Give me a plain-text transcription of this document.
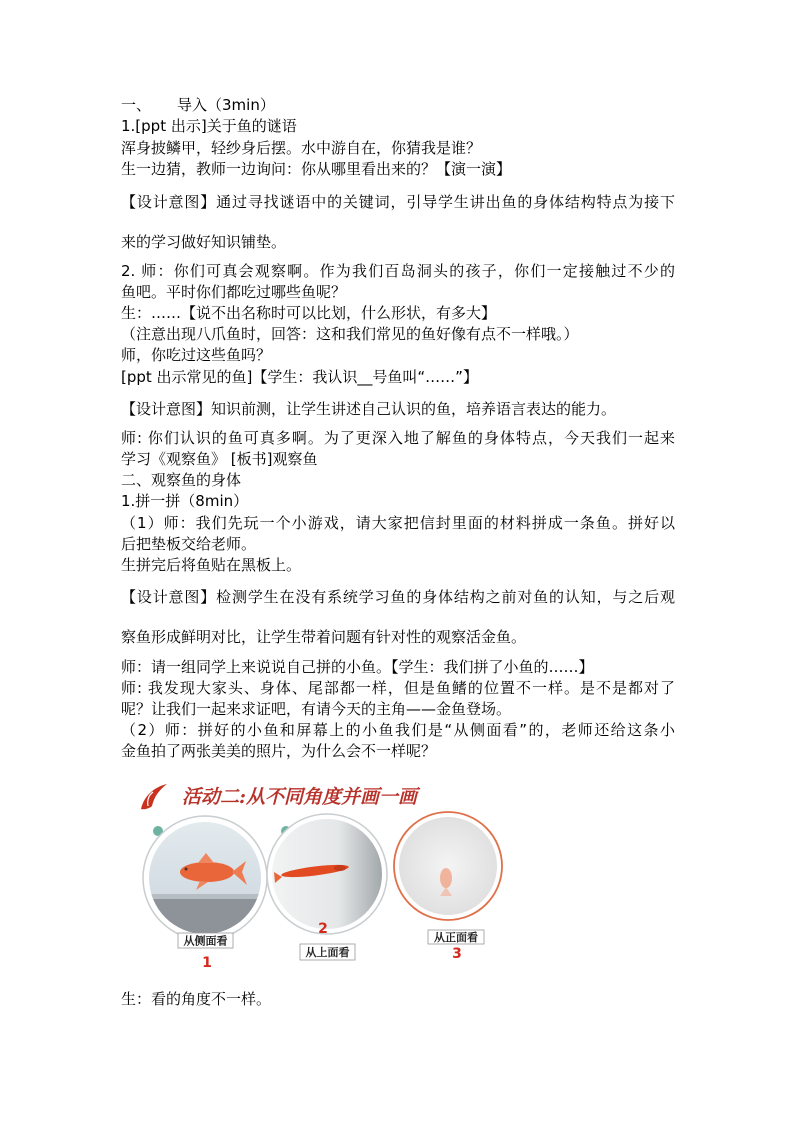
一、 导入（3min）
1.[ppt 出示]关于鱼的谜语
浑身披鳞甲，轻纱身后摆。水中游自在，你猜我是谁？
生一边猜，教师一边询问：你从哪里看出来的？【演一演】
【设计意图】通过寻找谜语中的关键词，引导学生讲出鱼的身体结构特点为接下
来的学习做好知识铺垫。
2. 师：你们可真会观察啊。作为我们百岛洞头的孩子，你们一定接触过不少的
鱼吧。平时你们都吃过哪些鱼呢？
生：……【说不出名称时可以比划，什么形状，有多大】
（注意出现八爪鱼时，回答：这和我们常见的鱼好像有点不一样哦。）
师，你吃过这些鱼吗？
[ppt 出示常见的鱼]【学生：我认识__号鱼叫“……”】
【设计意图】知识前测，让学生讲述自己认识的鱼，培养语言表达的能力。
师: 你们认识的鱼可真多啊。为了更深入地了解鱼的身体特点，今天我们一起来
学习《观察鱼》 [板书]观察鱼
二、观察鱼的身体
1.拼一拼（8min）
（1）师：我们先玩一个小游戏，请大家把信封里面的材料拼成一条鱼。拼好以
后把垫板交给老师。
生拼完后将鱼贴在黑板上。
【设计意图】检测学生在没有系统学习鱼的身体结构之前对鱼的认知，与之后观
察鱼形成鲜明对比，让学生带着问题有针对性的观察活金鱼。
师：请一组同学上来说说自己拼的小鱼。【学生：我们拼了小鱼的……】
师: 我发现大家头、身体、尾部都一样，但是鱼鳍的位置不一样。是不是都对了
呢？让我们一起来求证吧，有请今天的主角——金鱼登场。
（2）师：拼好的小鱼和屏幕上的小鱼我们是“从侧面看”的，老师还给这条小
金鱼拍了两张美美的照片，为什么会不一样呢？
活动二:从不同角度并画一画
从侧面看
1
2
从上面看
从正面看
3
生：看的角度不一样。
